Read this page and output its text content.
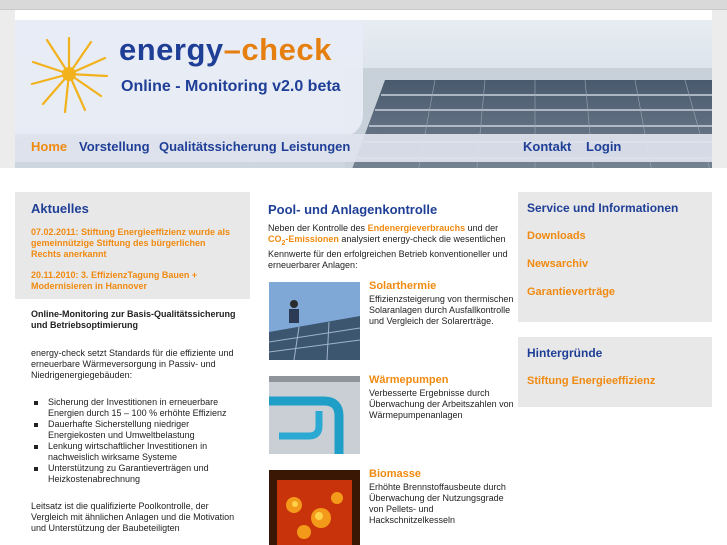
energy–check
Online - Monitoring v2.0 beta
Home Vorstellung Qualitätssicherung Leistungen	Kontakt Login
Aktuelles
07.02.2011: Stiftung Energieeffizienz wurde als gemeinnützige Stiftung des bürgerlichen Rechts anerkannt
20.11.2010: 3. EffizienzTagung Bauen + Modernisieren in Hannover
Online-Monitoring zur Basis-Qualitätssicherung und Betriebsoptimierung

energy-check setzt Standards für die effiziente und erneuerbare Wärmeversorgung in Passiv- und Niedrigenergiegebäuden:

Sicherung der Investitionen in erneuerbare Energien durch 15 – 100 % erhöhte Effizienz
Dauerhafte Sicherstellung niedriger Energiekosten und Umweltbelastung
Lenkung wirtschaftlicher Investitionen in nachweislich wirksame Systeme
Unterstützung zu Garantieverträgen und Heizkostenabrechnung

Leitsatz ist die qualifizierte Poolkontrolle, der Vergleich mit ähnlichen Anlagen und die Motivation und Unterstützung der Baubeteiligten

Pool- und Anlagenkontrolle
Neben der Kontrolle des Endenergieverbrauchs und der $CO_2$-Emissionen analysiert energy-check die wesentlichen Kennwerte für den erfolgreichen Betrieb konventioneller und erneuerbarer Anlagen:
Solarthermie
Effizienzsteigerung von thermischen Solaranlagen durch Ausfallkontrolle und Vergleich der Solarerträge.
Wärmepumpen
Verbesserte Ergebnisse durch Überwachung der Arbeitszahlen von Wärmepumpenanlagen
Biomasse
Erhöhte Brennstoffausbeute durch Überwachung der Nutzungsgrade von Pellets- und Hackschnitzelkesseln
Service und Informationen
Downloads
Newsarchiv
Garantieverträge
Hintergründe
Stiftung Energieeffizienz
